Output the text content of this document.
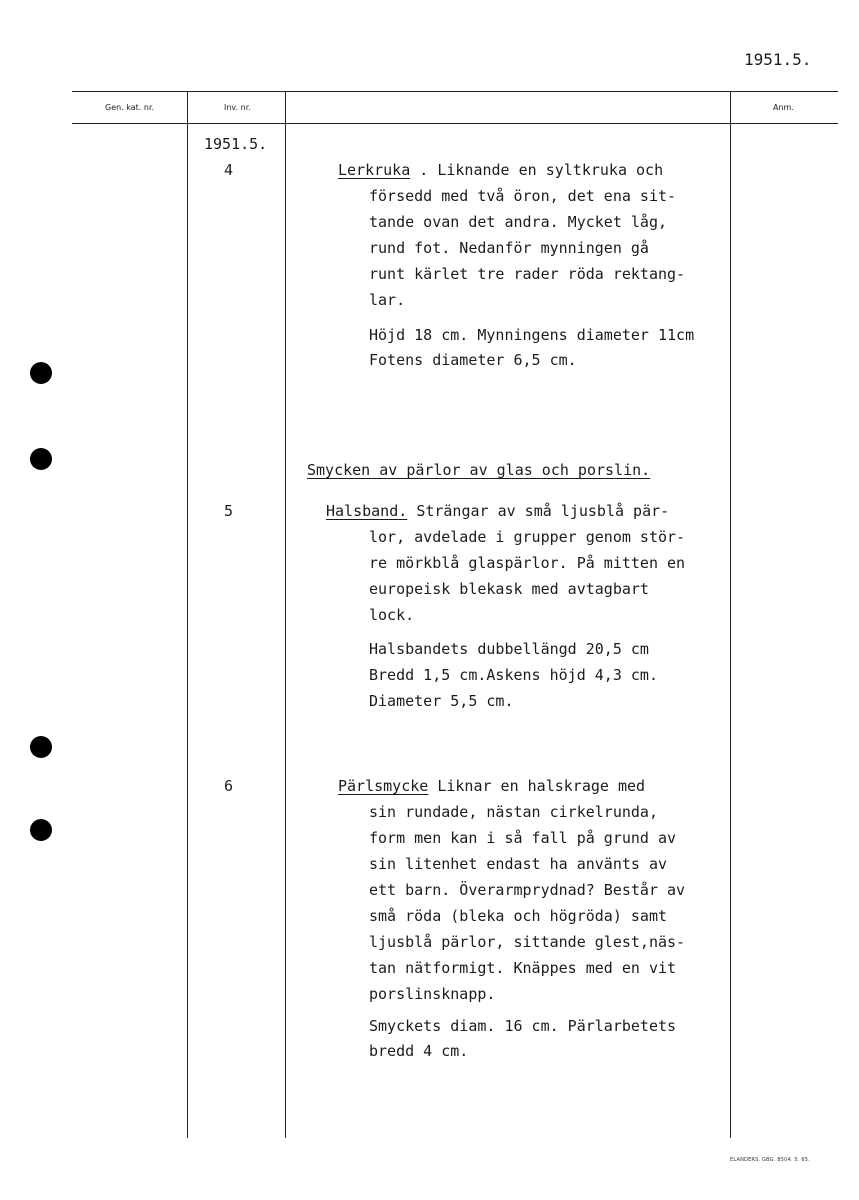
1951.5.
Gen. kat. nr.	Inv. nr.	Anm.
1951.5.
4	Lerkruka . Liknande en syltkruka och
försedd med två öron, det ena sit-
tande ovan det andra. Mycket låg,
rund fot. Nedanför mynningen gå
runt kärlet tre rader röda rektang-
lar.
Höjd 18 cm. Mynningens diameter 11cm
Fotens diameter 6,5 cm.
Smycken av pärlor av glas och porslin.
5	Halsband. Strängar av små ljusblå pär-
lor, avdelade i grupper genom stör-
re mörkblå glaspärlor. På mitten en
europeisk blekask med avtagbart
lock.
Halsbandets dubbellängd 20,5 cm
Bredd 1,5 cm.Askens höjd 4,3 cm.
Diameter 5,5 cm.
6	Pärlsmycke Liknar en halskrage med
sin rundade, nästan cirkelrunda,
form men kan i så fall på grund av
sin litenhet endast ha använts av
ett barn. Överarmprydnad? Består av
små röda (bleka och högröda) samt
ljusblå pärlor, sittande glest,näs-
tan nätformigt. Knäppes med en vit
porslinsknapp.
Smyckets diam. 16 cm. Pärlarbetets
bredd 4 cm.
ELANDERS. GBG. 8504. 5. 65.
